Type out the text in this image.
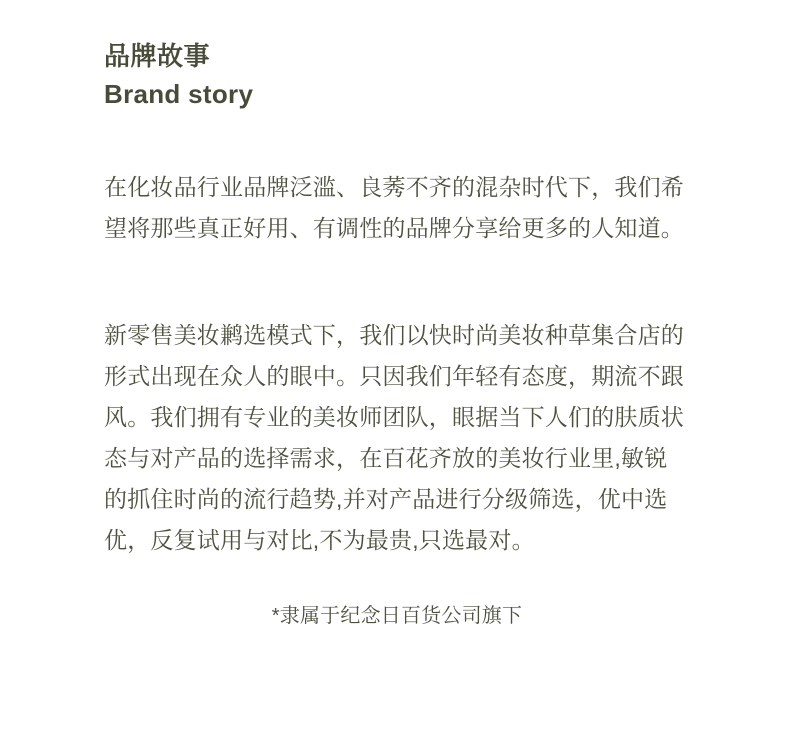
品牌故事
Brand story

在化妆品行业品牌泛滥、良莠不齐的混杂时代下，我们希望将那些真正好用、有调性的品牌分享给更多的人知道。

新零售美妆鹣选模式下，我们以快时尚美妆种草集合店的形式出现在众人的眼中。只因我们年轻有态度，期流不跟风。我们拥有专业的美妆师团队，眼据当下人们的肤质状态与对产品的选择需求，在百花齐放的美妆行业里,敏锐的抓住时尚的流行趋势,并对产品进行分级筛选，优中选优，反复试用与对比,不为最贵,只选最对。

*隶属于纪念日百货公司旗下
